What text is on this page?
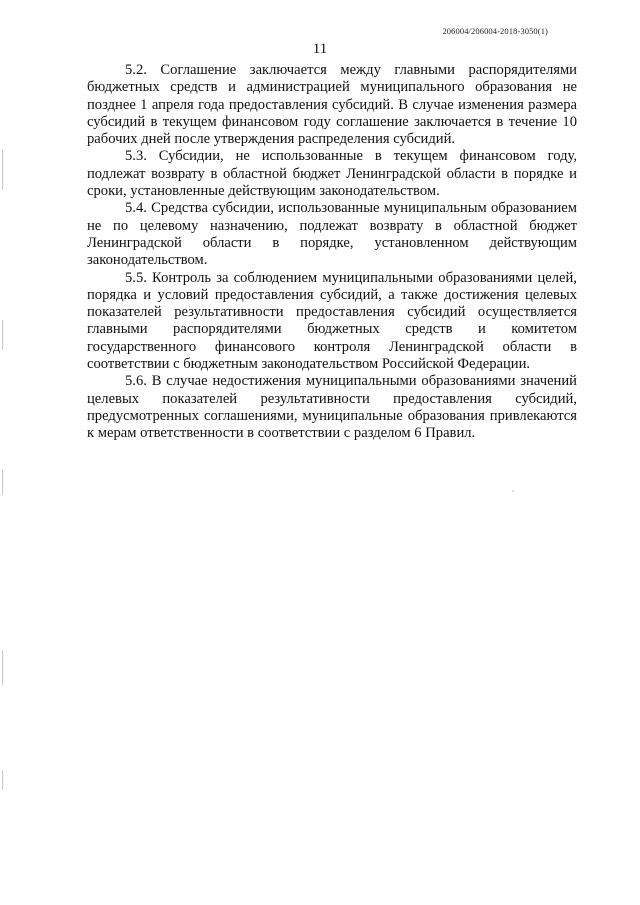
206004/206004-2018-3050(1)
11

5.2. Соглашение заключается между главными распорядителями бюджетных средств и администрацией муниципального образования не позднее 1 апреля года предоставления субсидий. В случае изменения размера субсидий в текущем финансовом году соглашение заключается в течение 10 рабочих дней после утверждения распределения субсидий.

5.3. Субсидии, не использованные в текущем финансовом году, подлежат возврату в областной бюджет Ленинградской области в порядке и сроки, установленные действующим законодательством.

5.4. Средства субсидии, использованные муниципальным образованием не по целевому назначению, подлежат возврату в областной бюджет Ленинградской области в порядке, установленном действующим законодательством.

5.5. Контроль за соблюдением муниципальными образованиями целей, порядка и условий предоставления субсидий, а также достижения целевых показателей результативности предоставления субсидий осуществляется главными распорядителями бюджетных средств и комитетом государственного финансового контроля Ленинградской области в соответствии с бюджетным законодательством Российской Федерации.

5.6. В случае недостижения муниципальными образованиями значений целевых показателей результативности предоставления субсидий, предусмотренных соглашениями, муниципальные образования привлекаются к мерам ответственности в соответствии с разделом 6 Правил.
